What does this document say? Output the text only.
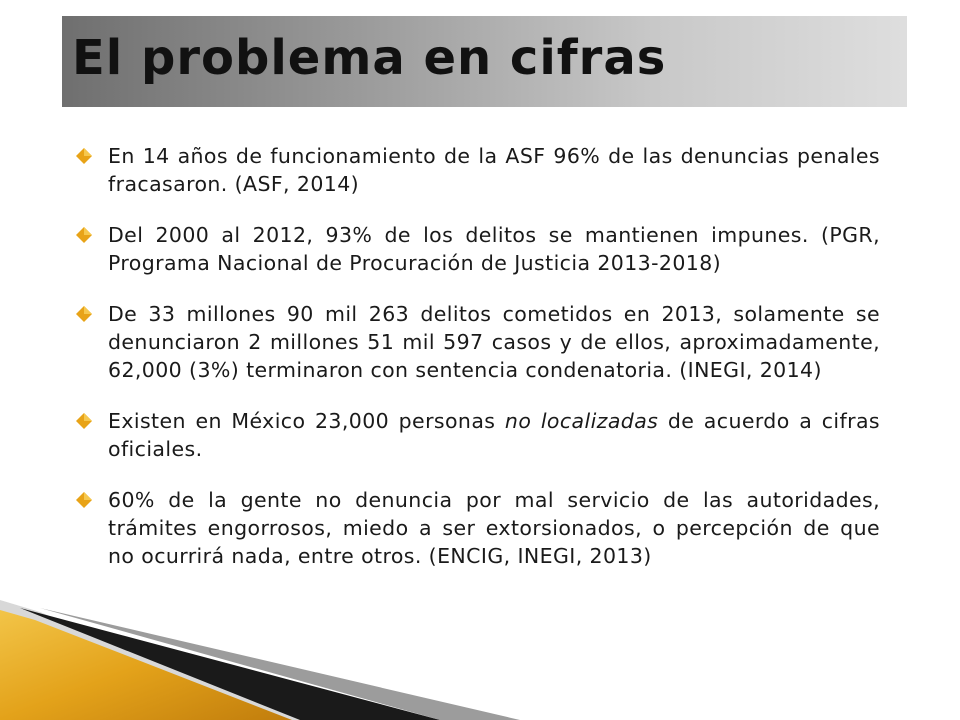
El problema en cifras
En 14 años de funcionamiento de la ASF 96% de las denuncias penales fracasaron. (ASF, 2014)
Del 2000 al 2012, 93% de los delitos se mantienen impunes. (PGR, Programa Nacional de Procuración de Justicia 2013-2018)
De 33 millones 90 mil 263 delitos cometidos en 2013, solamente se denunciaron 2 millones 51 mil 597 casos y de ellos, aproximadamente, 62,000 (3%) terminaron con sentencia condenatoria. (INEGI, 2014)
Existen en México 23,000 personas no localizadas de acuerdo a cifras oficiales.
60% de la gente no denuncia por mal servicio de las autoridades, trámites engorrosos, miedo a ser extorsionados, o percepción de que no ocurrirá nada, entre otros. (ENCIG, INEGI, 2013)
